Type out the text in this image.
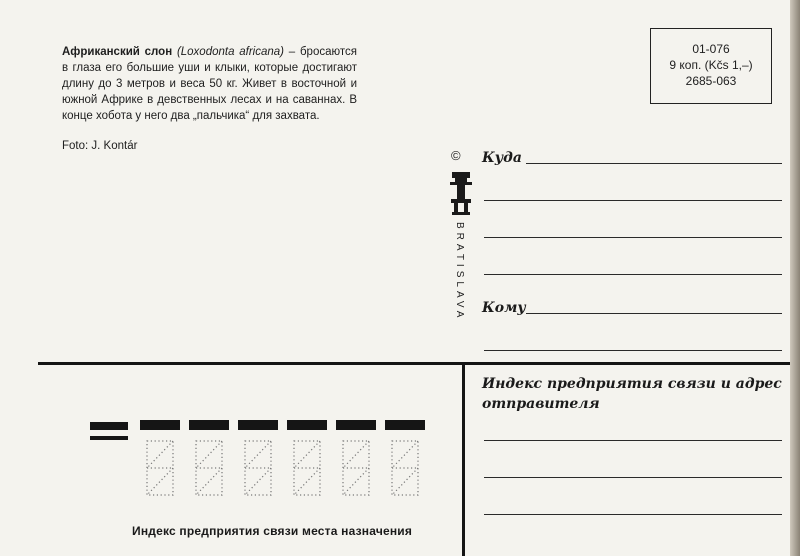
Африканский слон (Loxodonta africana) – бросаются в глаза его большие уши и клыки, которые достигают длину до 3 метров и веса 50 кг. Живет в восточной и южной Африке в девственных лесах и на саваннах. В конце хобота у него два „пальчика“ для захвата.
Foto: J. Kontár
01-076
9 коп. (Kčs 1,–)
2685-063
©
BRATISLAVA
Куда
Кому
Индекс предприятия связи и адрес отправителя
Индекс предприятия связи места назначения
